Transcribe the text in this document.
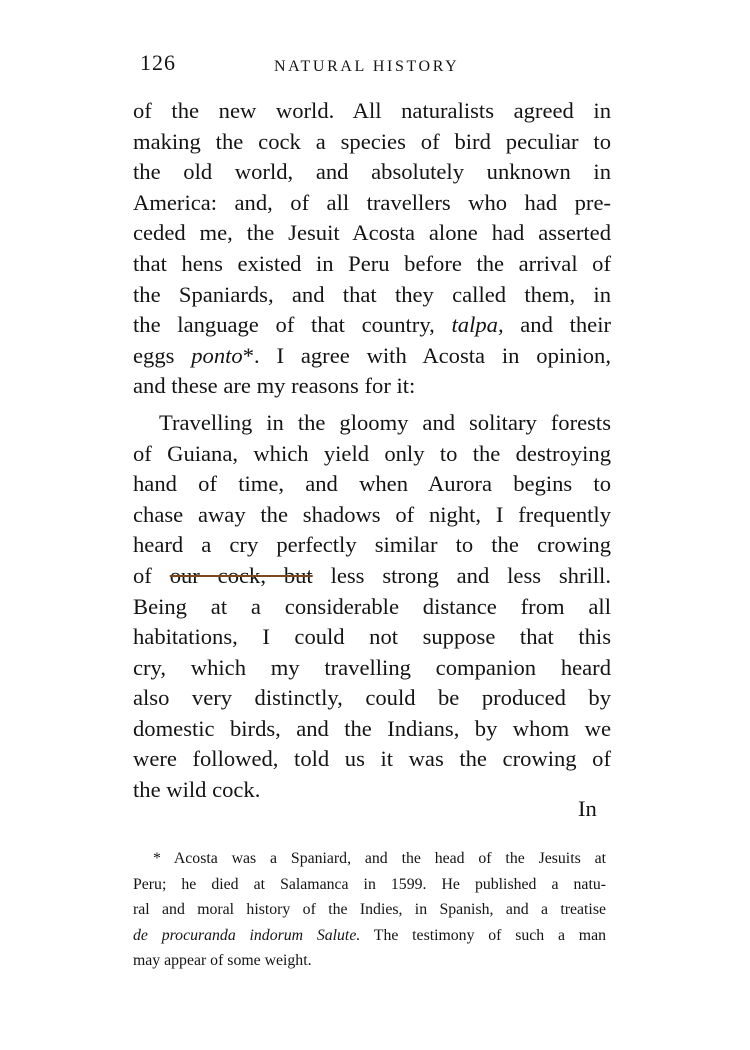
126	NATURAL HISTORY
of the new world. All naturalists agreed in
making the cock a species of bird peculiar to
the old world, and absolutely unknown in
America: and, of all travellers who had pre-
ceded me, the Jesuit Acosta alone had asserted
that hens existed in Peru before the arrival of
the Spaniards, and that they called them, in
the language of that country, talpa, and their
eggs ponto*. I agree with Acosta in opinion,
and these are my reasons for it:
Travelling in the gloomy and solitary forests
of Guiana, which yield only to the destroying
hand of time, and when Aurora begins to
chase away the shadows of night, I frequently
heard a cry perfectly similar to the crowing
of our cock, but less strong and less shrill.
Being at a considerable distance from all
habitations, I could not suppose that this
cry, which my travelling companion heard
also very distinctly, could be produced by
domestic birds, and the Indians, by whom we
were followed, told us it was the crowing of
the wild cock.
In
* Acosta was a Spaniard, and the head of the Jesuits at
Peru; he died at Salamanca in 1599. He published a natu-
ral and moral history of the Indies, in Spanish, and a treatise
de procuranda indorum Salute. The testimony of such a man
may appear of some weight.
